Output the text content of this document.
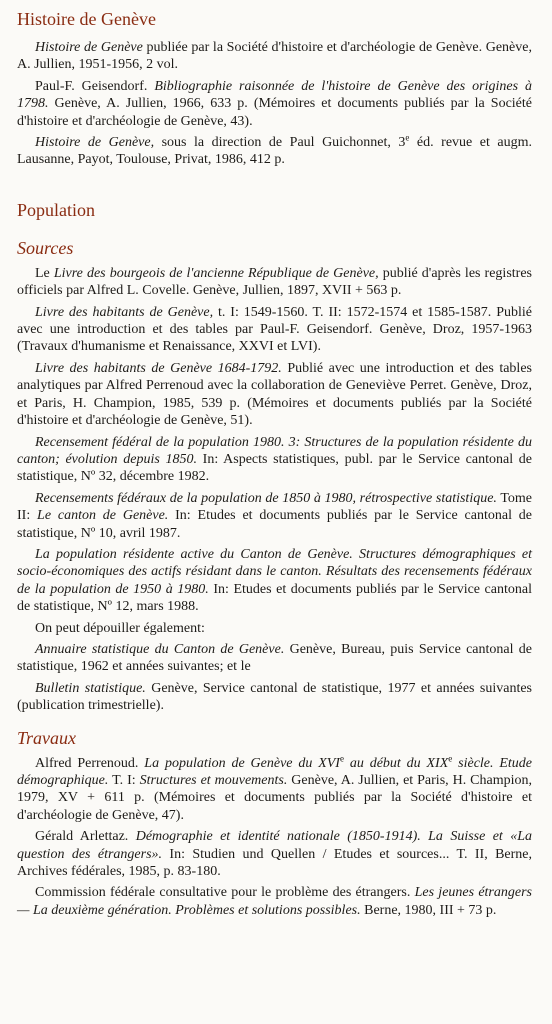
Histoire de Genève

Histoire de Genève publiée par la Société d'histoire et d'archéologie de Genève. Genève, A. Jullien, 1951-1956, 2 vol.

Paul-F. Geisendorf. Bibliographie raisonnée de l'histoire de Genève des origines à 1798. Genève, A. Jullien, 1966, 633 p. (Mémoires et documents publiés par la Société d'histoire et d'archéologie de Genève, 43).

Histoire de Genève, sous la direction de Paul Guichonnet, 3e éd. revue et augm. Lausanne, Payot, Toulouse, Privat, 1986, 412 p.

Population
Sources

Le Livre des bourgeois de l'ancienne République de Genève, publié d'après les registres officiels par Alfred L. Covelle. Genève, Jullien, 1897, XVII + 563 p.

Livre des habitants de Genève, t. I: 1549-1560. T. II: 1572-1574 et 1585-1587. Publié avec une introduction et des tables par Paul-F. Geisendorf. Genève, Droz, 1957-1963 (Travaux d'humanisme et Renaissance, XXVI et LVI).

Livre des habitants de Genève 1684-1792. Publié avec une introduction et des tables analytiques par Alfred Perrenoud avec la collaboration de Geneviève Perret. Genève, Droz, et Paris, H. Champion, 1985, 539 p. (Mémoires et documents publiés par la Société d'histoire et d'archéologie de Genève, 51).

Recensement fédéral de la population 1980. 3: Structures de la population résidente du canton; évolution depuis 1850. In: Aspects statistiques, publ. par le Service cantonal de statistique, Nº 32, décembre 1982.

Recensements fédéraux de la population de 1850 à 1980, rétrospective statistique. Tome II: Le canton de Genève. In: Etudes et documents publiés par le Service cantonal de statistique, Nº 10, avril 1987.

La population résidente active du Canton de Genève. Structures démographiques et socio-économiques des actifs résidant dans le canton. Résultats des recensements fédéraux de la population de 1950 à 1980. In: Etudes et documents publiés par le Service cantonal de statistique, Nº 12, mars 1988.

On peut dépouiller également:

Annuaire statistique du Canton de Genève. Genève, Bureau, puis Service cantonal de statistique, 1962 et années suivantes; et le

Bulletin statistique. Genève, Service cantonal de statistique, 1977 et années suivantes (publication trimestrielle).

Travaux

Alfred Perrenoud. La population de Genève du XVIe au début du XIXe siècle. Etude démographique. T. I: Structures et mouvements. Genève, A. Jullien, et Paris, H. Champion, 1979, XV + 611 p. (Mémoires et documents publiés par la Société d'histoire et d'archéologie de Genève, 47).

Gérald Arlettaz. Démographie et identité nationale (1850-1914). La Suisse et «La question des étrangers». In: Studien und Quellen / Etudes et sources... T. II, Berne, Archives fédérales, 1985, p. 83-180.

Commission fédérale consultative pour le problème des étrangers. Les jeunes étrangers — La deuxième génération. Problèmes et solutions possibles. Berne, 1980, III + 73 p.
